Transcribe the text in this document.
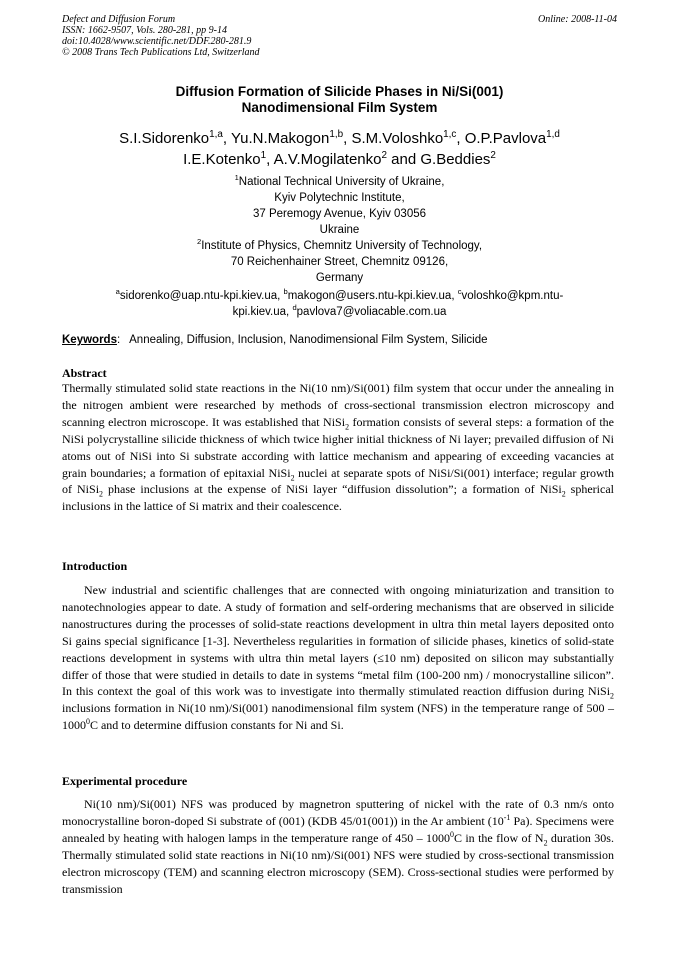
Defect and Diffusion Forum
ISSN: 1662-9507, Vols. 280-281, pp 9-14
doi:10.4028/www.scientific.net/DDF.280-281.9
© 2008 Trans Tech Publications Ltd, Switzerland
Online: 2008-11-04
Diffusion Formation of Silicide Phases in Ni/Si(001)
Nanodimensional Film System
S.I.Sidorenko$^{1,a}$, Yu.N.Makogon$^{1,b}$, S.M.Voloshko$^{1,c}$, O.P.Pavlova$^{1,d}$
I.E.Kotenko$^1$, A.V.Mogilatenko$^2$ and G.Beddies$^2$
$^1$National Technical University of Ukraine,
Kyiv Polytechnic Institute,
37 Peremogy Avenue, Kyiv 03056
Ukraine
$^2$Institute of Physics, Chemnitz University of Technology,
70 Reichenhainer Street, Chemnitz 09126,
Germany
$^a$sidorenko@uap.ntu-kpi.kiev.ua, $^b$makogon@users.ntu-kpi.kiev.ua, $^c$voloshko@kpm.ntu-
kpi.kiev.ua, $^d$pavlova7@voliacable.com.ua
Keywords: Annealing, Diffusion, Inclusion, Nanodimensional Film System, Silicide
Abstract
Thermally stimulated solid state reactions in the Ni(10 nm)/Si(001) film system that occur under the annealing in the nitrogen ambient were researched by methods of cross-sectional transmission electron microscopy and scanning electron microscope. It was established that NiSi$_2$ formation consists of several steps: a formation of the NiSi polycrystalline silicide thickness of which twice higher initial thickness of Ni layer; prevailed diffusion of Ni atoms out of NiSi into Si substrate according with lattice mechanism and appearing of exceeding vacancies at grain boundaries; a formation of epitaxial NiSi$_2$ nuclei at separate spots of NiSi/Si(001) interface; regular growth of NiSi$_2$ phase inclusions at the expense of NiSi layer “diffusion dissolution”; a formation of NiSi$_2$ spherical inclusions in the lattice of Si matrix and their coalescence.
Introduction
New industrial and scientific challenges that are connected with ongoing miniaturization and transition to nanotechnologies appear to date. A study of formation and self-ordering mechanisms that are observed in silicide nanostructures during the processes of solid-state reactions development in ultra thin metal layers deposited onto Si gains special significance [1-3]. Nevertheless regularities in formation of silicide phases, kinetics of solid-state reactions development in systems with ultra thin metal layers (≤10 nm) deposited on silicon may substantially differ of those that were studied in details to date in systems “metal film (100-200 nm) / monocrystalline silicon”. In this context the goal of this work was to investigate into thermally stimulated reaction diffusion during NiSi$_2$ inclusions formation in Ni(10 nm)/Si(001) nanodimensional film system (NFS) in the temperature range of 500 – 1000$^0$C and to determine diffusion constants for Ni and Si.
Experimental procedure
Ni(10 nm)/Si(001) NFS was produced by magnetron sputtering of nickel with the rate of 0.3 nm/s onto monocrystalline boron-doped Si substrate of (001) (KDB 45/01(001)) in the Ar ambient ($10^{-1}$ Pa). Specimens were annealed by heating with halogen lamps in the temperature range of 450 – 1000$^0$C in the flow of $N_2$ duration 30s. Thermally stimulated solid state reactions in Ni(10 nm)/Si(001) NFS were studied by cross-sectional transmission electron microscopy (TEM) and scanning electron microscopy (SEM). Cross-sectional studies were performed by transmission
